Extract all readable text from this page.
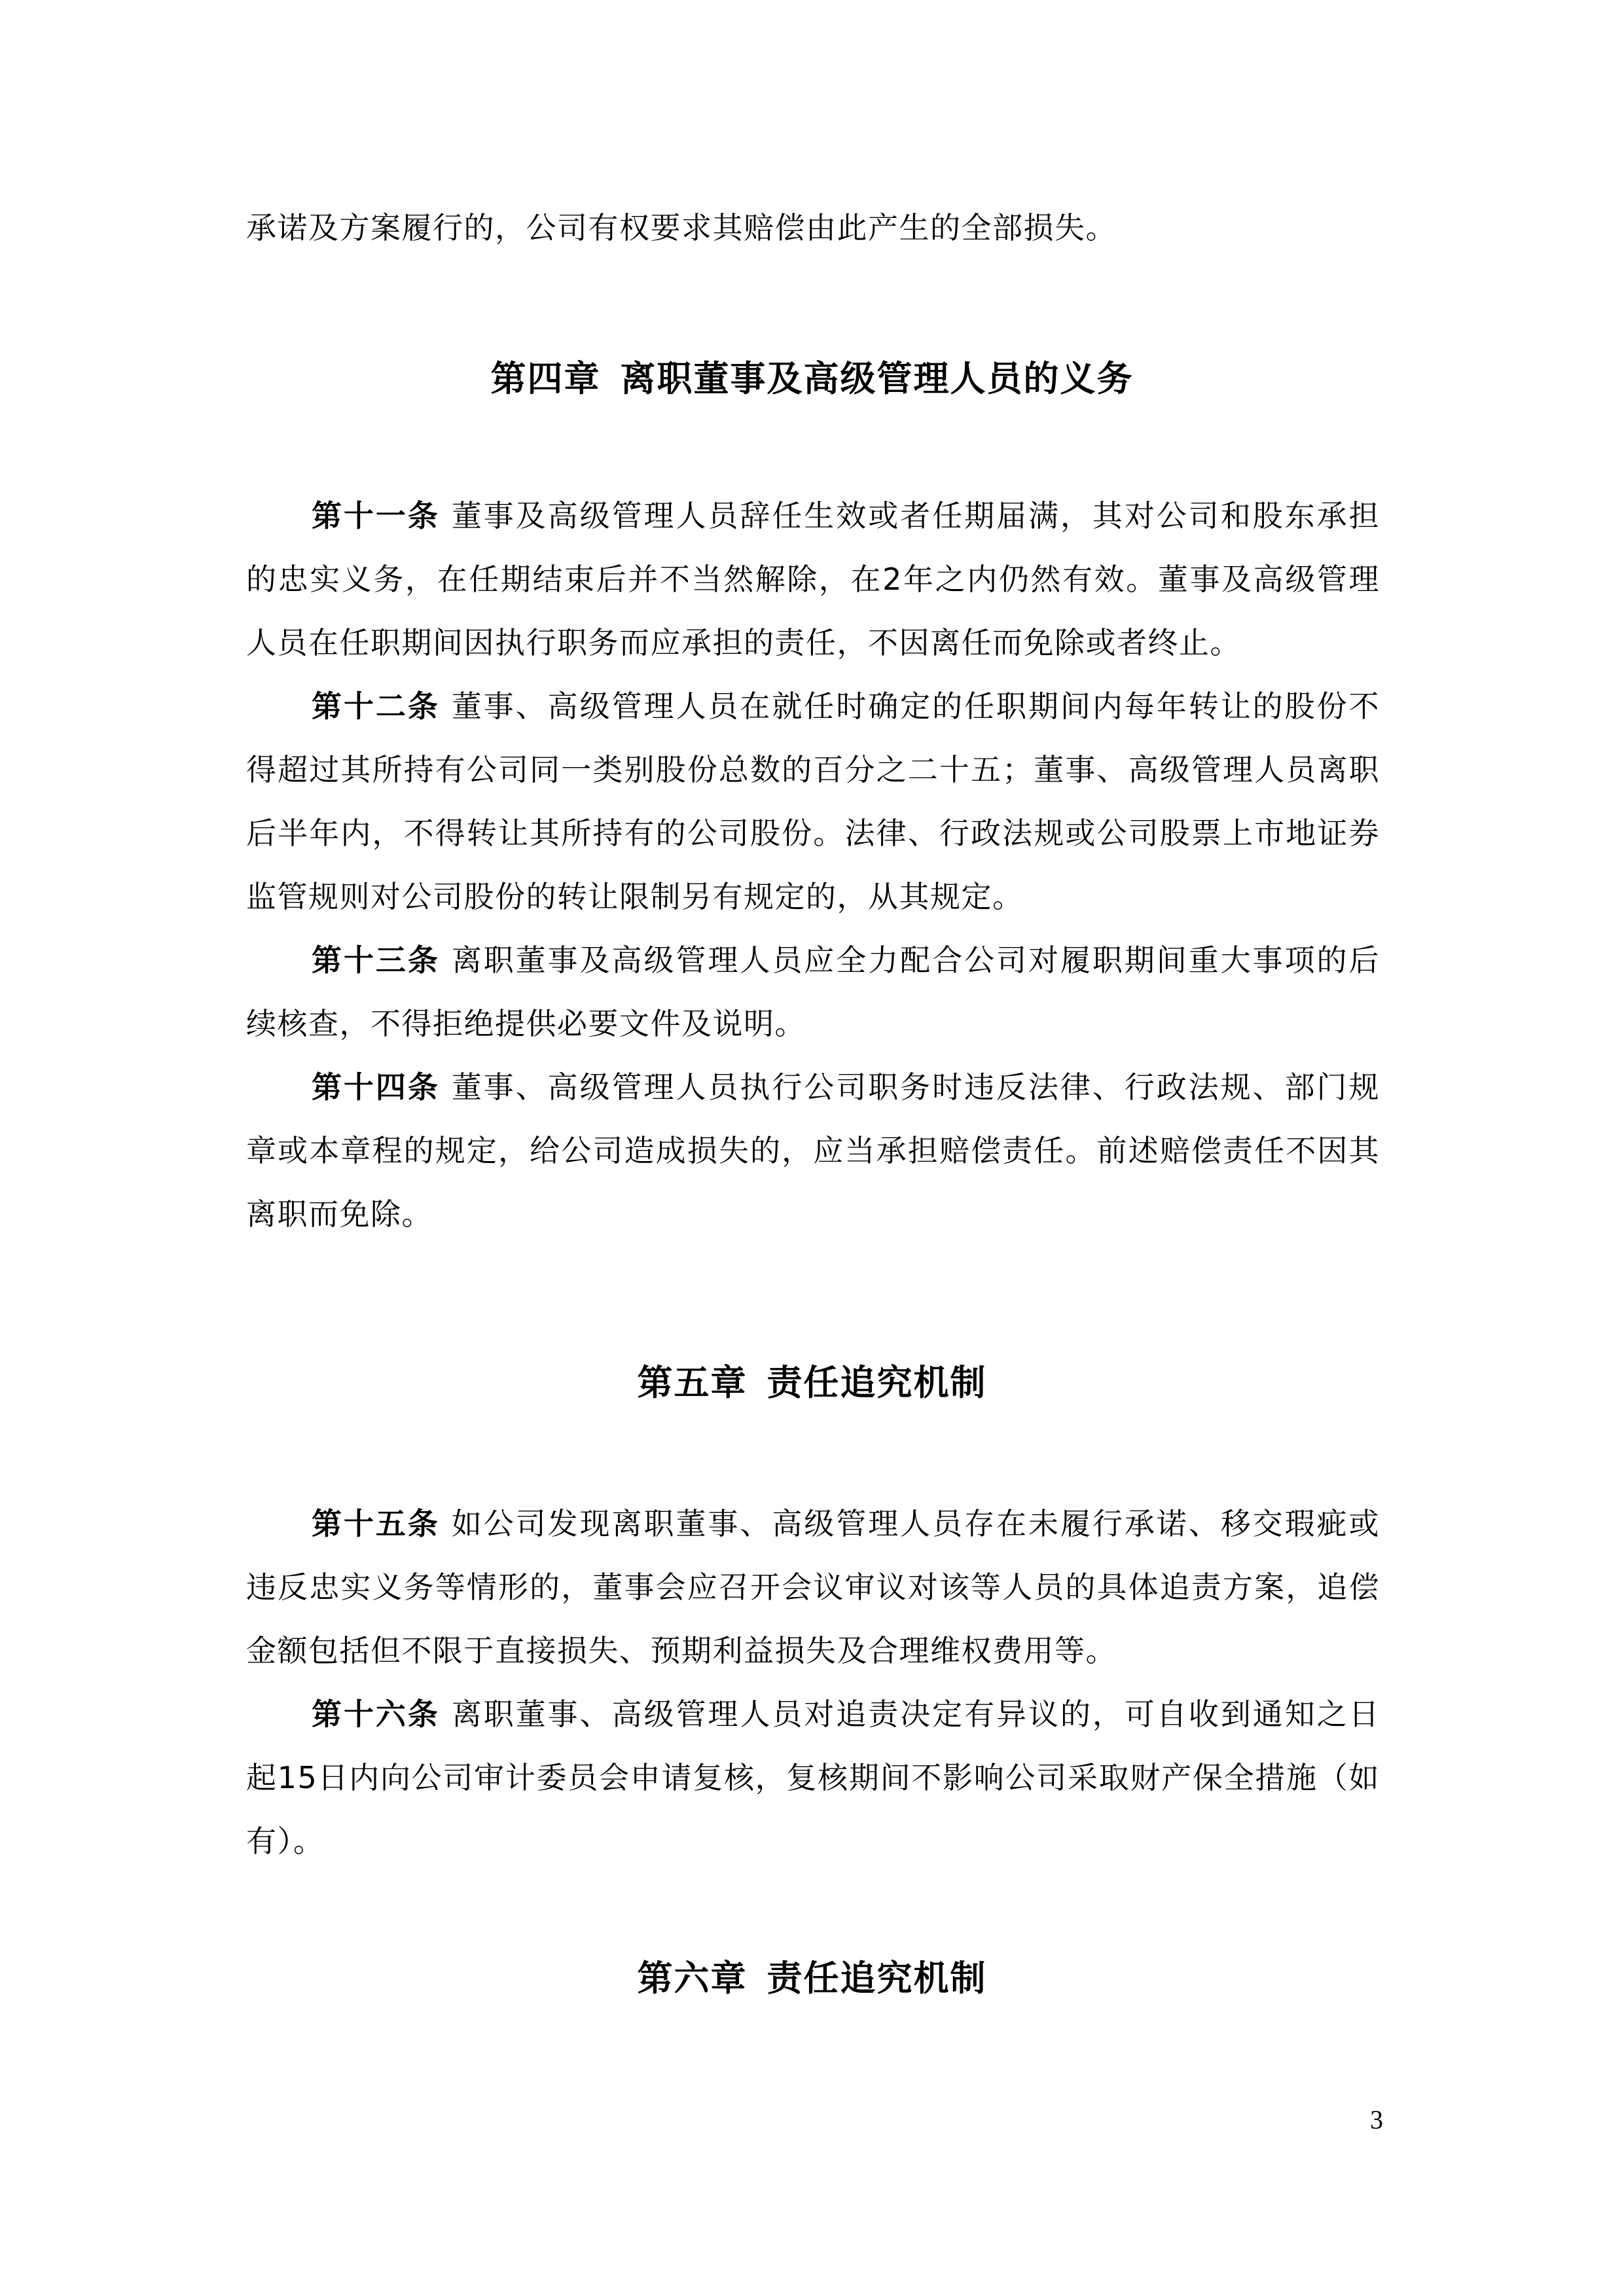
承诺及方案履行的，公司有权要求其赔偿由此产生的全部损失。

第四章 离职董事及高级管理人员的义务

第十一条 董事及高级管理人员辞任生效或者任期届满，其对公司和股东承担的忠实义务，在任期结束后并不当然解除，在2年之内仍然有效。董事及高级管理人员在任职期间因执行职务而应承担的责任，不因离任而免除或者终止。

第十二条 董事、高级管理人员在就任时确定的任职期间内每年转让的股份不得超过其所持有公司同一类别股份总数的百分之二十五；董事、高级管理人员离职后半年内，不得转让其所持有的公司股份。法律、行政法规或公司股票上市地证券监管规则对公司股份的转让限制另有规定的，从其规定。

第十三条 离职董事及高级管理人员应全力配合公司对履职期间重大事项的后续核查，不得拒绝提供必要文件及说明。

第十四条 董事、高级管理人员执行公司职务时违反法律、行政法规、部门规章或本章程的规定，给公司造成损失的，应当承担赔偿责任。前述赔偿责任不因其离职而免除。

第五章 责任追究机制

第十五条 如公司发现离职董事、高级管理人员存在未履行承诺、移交瑕疵或违反忠实义务等情形的，董事会应召开会议审议对该等人员的具体追责方案，追偿金额包括但不限于直接损失、预期利益损失及合理维权费用等。

第十六条 离职董事、高级管理人员对追责决定有异议的，可自收到通知之日起15日内向公司审计委员会申请复核，复核期间不影响公司采取财产保全措施（如有）。

第六章 责任追究机制
3
